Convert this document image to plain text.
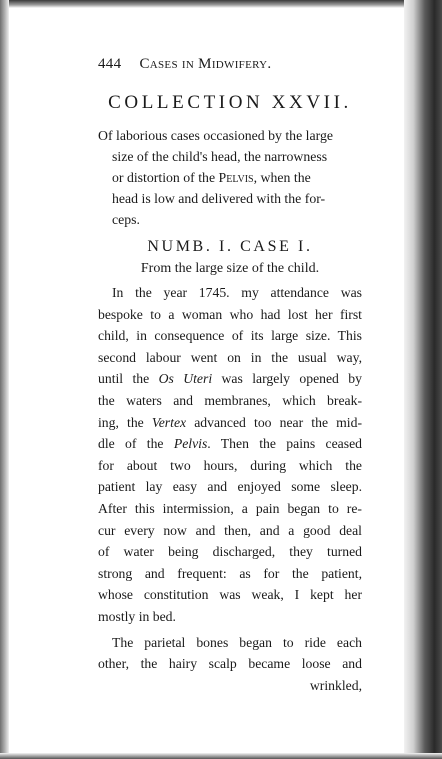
444 Cases in Midwifery.
COLLECTION XXVII.
Of laborious cases occasioned by the large
size of the child's head, the narrowness
or distortion of the Pelvis, when the
head is low and delivered with the for-
ceps.
NUMB. I. CASE I.
From the large size of the child.
In the year 1745. my attendance was
bespoke to a woman who had lost her first
child, in consequence of its large size. This
second labour went on in the usual way,
until the Os Uteri was largely opened by
the waters and membranes, which break-
ing, the Vertex advanced too near the mid-
dle of the Pelvis. Then the pains ceased
for about two hours, during which the
patient lay easy and enjoyed some sleep.
After this intermission, a pain began to re-
cur every now and then, and a good deal
of water being discharged, they turned
strong and frequent: as for the patient,
whose constitution was weak, I kept her
mostly in bed.
The parietal bones began to ride each
other, the hairy scalp became loose and
wrinkled,
